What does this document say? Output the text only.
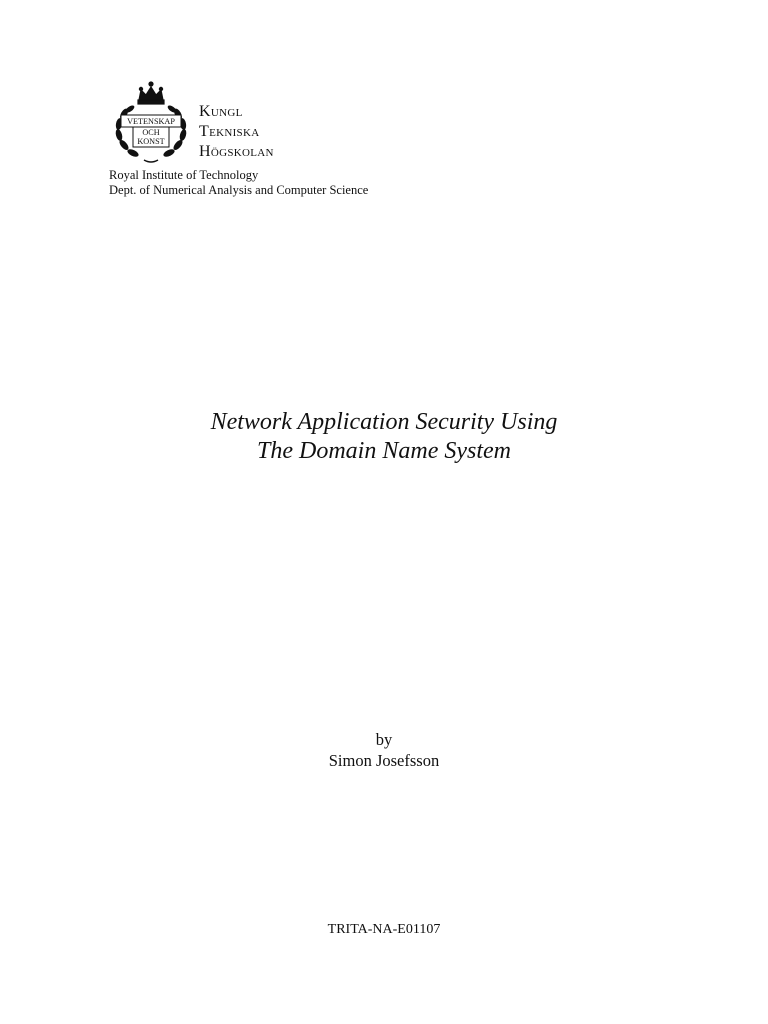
VETENSKAP
OCH
KONST
Kungl
Tekniska
Högskolan
Royal Institute of Technology
Dept. of Numerical Analysis and Computer Science
Network Application Security Using
The Domain Name System
by
Simon Josefsson
TRITA-NA-E01107
